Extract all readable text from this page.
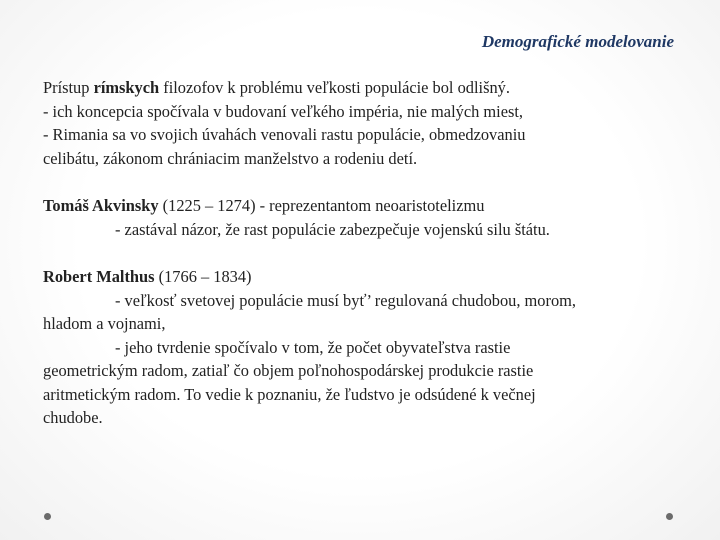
Demografické modelovanie
Prístup rímskych filozofov k problému veľkosti populácie bol odlišný.
- ich koncepcia spočívala v budovaní veľkého impéria, nie malých miest,
- Rimania sa vo svojich úvahách venovali rastu populácie, obmedzovaniu
celibátu, zákonom chrániacim manželstvo a rodeniu detí.
Tomáš Akvinsky (1225 – 1274) - reprezentantom neoaristotelizmu
- zastával názor, že rast populácie zabezpečuje vojenskú silu štátu.
Robert Malthus (1766 – 1834)
- veľkosť svetovej populácie musí byť’ regulovaná chudobou, morom,
hladom a vojnami,
- jeho tvrdenie spočívalo v tom, že počet obyvateľstva rastie
geometrickým radom, zatiaľ čo objem poľnohospodárskej produkcie rastie
aritmetickým radom. To vedie k poznaniu, že ľudstvo je odsúdené k večnej
chudobe.
